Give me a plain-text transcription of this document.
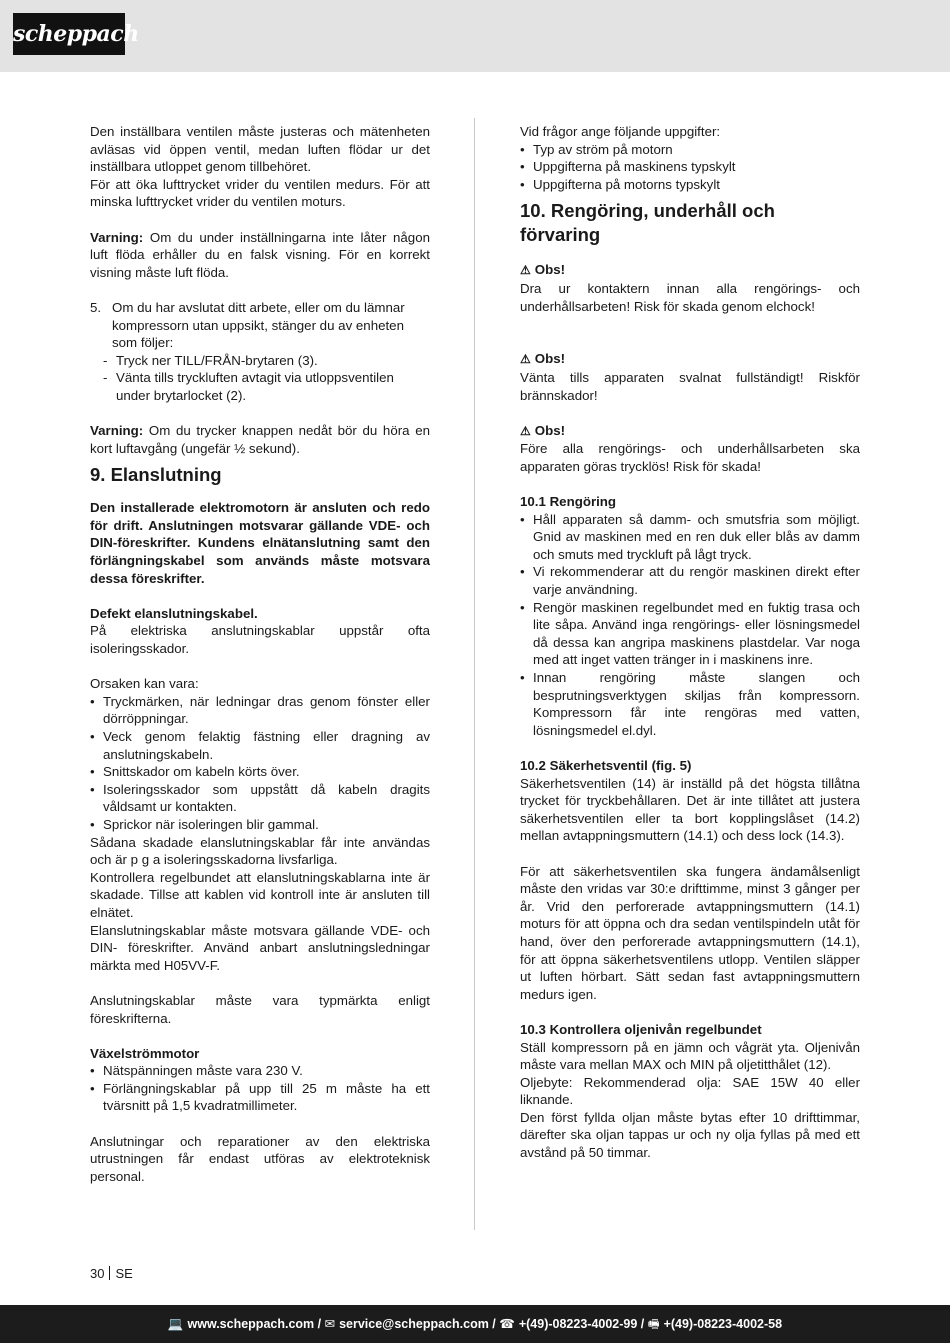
scheppach

Den inställbara ventilen måste justeras och mätenheten avläsas vid öppen ventil, medan luften flödar ur det inställbara utloppet genom tillbehöret.

För att öka lufttrycket vrider du ventilen medurs. För att minska lufttrycket vrider du ventilen moturs.

Varning: Om du under inställningarna inte låter någon luft flöda erhåller du en falsk visning. För en korrekt visning måste luft flöda.

5. Om du har avslutat ditt arbete, eller om du lämnar kompressorn utan uppsikt, stänger du av enheten som följer:
- Tryck ner TILL/FRÅN-brytaren (3).
- Vänta tills tryckluften avtagit via utloppsventilen under brytarlocket (2).

Varning: Om du trycker knappen nedåt bör du höra en kort luftavgång (ungefär ½ sekund).

9. Elanslutning

Den installerade elektromotorn är ansluten och redo för drift. Anslutningen motsvarar gällande VDE- och DIN-föreskrifter. Kundens elnätanslutning samt den förlängningskabel som används måste motsvara dessa föreskrifter.

Defekt elanslutningskabel.

På elektriska anslutningskablar uppstår ofta isoleringsskador.

Orsaken kan vara:

• Tryckmärken, när ledningar dras genom fönster eller dörröppningar.
• Veck genom felaktig fästning eller dragning av anslutningskabeln.
• Snittskador om kabeln körts över.
• Isoleringsskador som uppstått då kabeln dragits våldsamt ur kontakten.
• Sprickor när isoleringen blir gammal.

Sådana skadade elanslutningskablar får inte användas och är p g a isoleringsskadorna livsfarliga.

Kontrollera regelbundet att elanslutningskablarna inte är skadade. Tillse att kablen vid kontroll inte är ansluten till elnätet.

Elanslutningskablar måste motsvara gällande VDE- och DIN- föreskrifter. Använd anbart anslutningsledningar märkta med H05VV-F.

Anslutningskablar måste vara typmärkta enligt föreskrifterna.

Växelströmmotor

• Nätspänningen måste vara 230 V.
• Förlängningskablar på upp till 25 m måste ha ett tvärsnitt på 1,5 kvadratmillimeter.

Anslutningar och reparationer av den elektriska utrustningen får endast utföras av elektroteknisk personal.

Vid frågor ange följande uppgifter:

• Typ av ström på motorn
• Uppgifterna på maskinens typskylt
• Uppgifterna på motorns typskylt
10. Rengöring, underhåll och förvaring

⚠ Obs!

Dra ur kontaktern innan alla rengörings- och underhållsarbeten! Risk för skada genom elchock!

⚠ Obs!

Vänta tills apparaten svalnat fullständigt! Riskför brännskador!

⚠ Obs!

Före alla rengörings- och underhållsarbeten ska apparaten göras trycklös! Risk för skada!

10.1 Rengöring

• Håll apparaten så damm- och smutsfria som möjligt. Gnid av maskinen med en ren duk eller blås av damm och smuts med tryckluft på lågt tryck.
• Vi rekommenderar att du rengör maskinen direkt efter varje användning.
• Rengör maskinen regelbundet med en fuktig trasa och lite såpa. Använd inga rengörings- eller lösningsmedel då dessa kan angripa maskinens plastdelar. Var noga med att inget vatten tränger in i maskinens inre.
• Innan rengöring måste slangen och besprutningsverktygen skiljas från kompressorn. Kompressorn får inte rengöras med vatten, lösningsmedel el.dyl.

10.2 Säkerhetsventil (fig. 5)

Säkerhetsventilen (14) är inställd på det högsta tillåtna trycket för tryckbehållaren. Det är inte tillåtet att justera säkerhetsventilen eller ta bort kopplingslåset (14.2) mellan avtappningsmuttern (14.1) och dess lock (14.3).

För att säkerhetsventilen ska fungera ändamålsenligt måste den vridas var 30:e drifttimme, minst 3 gånger per år. Vrid den perforerade avtappningsmuttern (14.1) moturs för att öppna och dra sedan ventilspindeln utåt för hand, över den perforerade avtappningsmuttern (14.1), för att öppna säkerhetsventilens utlopp. Ventilen släpper ut luften hörbart. Sätt sedan fast avtappningsmuttern medurs igen.

10.3 Kontrollera oljenivån regelbundet

Ställ kompressorn på en jämn och vågrät yta. Oljenivån måste vara mellan MAX och MIN på oljetitthålet (12).

Oljebyte: Rekommenderad olja: SAE 15W 40 eller liknande.

Den först fyllda oljan måste bytas efter 10 drifttimmar, därefter ska oljan tappas ur och ny olja fyllas på med ett avstånd på 50 timmar.

30 SE
💻 www.scheppach.com / ✉ service@scheppach.com / ☎ +(49)-08223-4002-99 / 🖷 +(49)-08223-4002-58
